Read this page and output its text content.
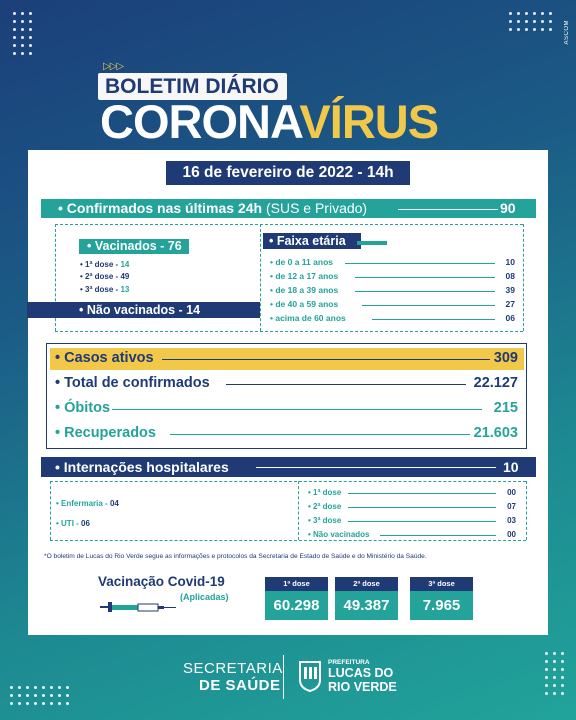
ASCOM
▷▷▷
BOLETIM DIÁRIO
CORONAVÍRUS
16 de fevereiro de 2022 - 14h
• Confirmados nas últimas 24h (SUS e Privado)	90
• Vacinados - 76
• 1ª dose - 14
• 2ª dose - 49
• 3ª dose - 13
• Não vacinados - 14
• Faixa etária
• de 0 a 11 anos	10
• de 12 a 17 anos	08
• de 18 a 39 anos	39
• de 40 a 59 anos	27
• acima de 60 anos	06
• Casos ativos	309
• Total de confirmados	22.127
• Óbitos	215
• Recuperados	21.603
• Internações hospitalares	10
• Enfermaria - 04
• UTI - 06
• 1ª dose	00
• 2ª dose	07
• 3ª dose	03
• Não vacinados	00
*O boletim de Lucas do Rio Verde segue as informações e protocolos da Secretaria de Estado de Saúde e do Ministério da Saúde.
Vacinação Covid-19
(Aplicadas)
1ª dose
60.298
2ª dose
49.387
3ª dose
7.965
SECRETARIA
DE SAÚDE
PREFEITURA
LUCAS DO
RIO VERDE
